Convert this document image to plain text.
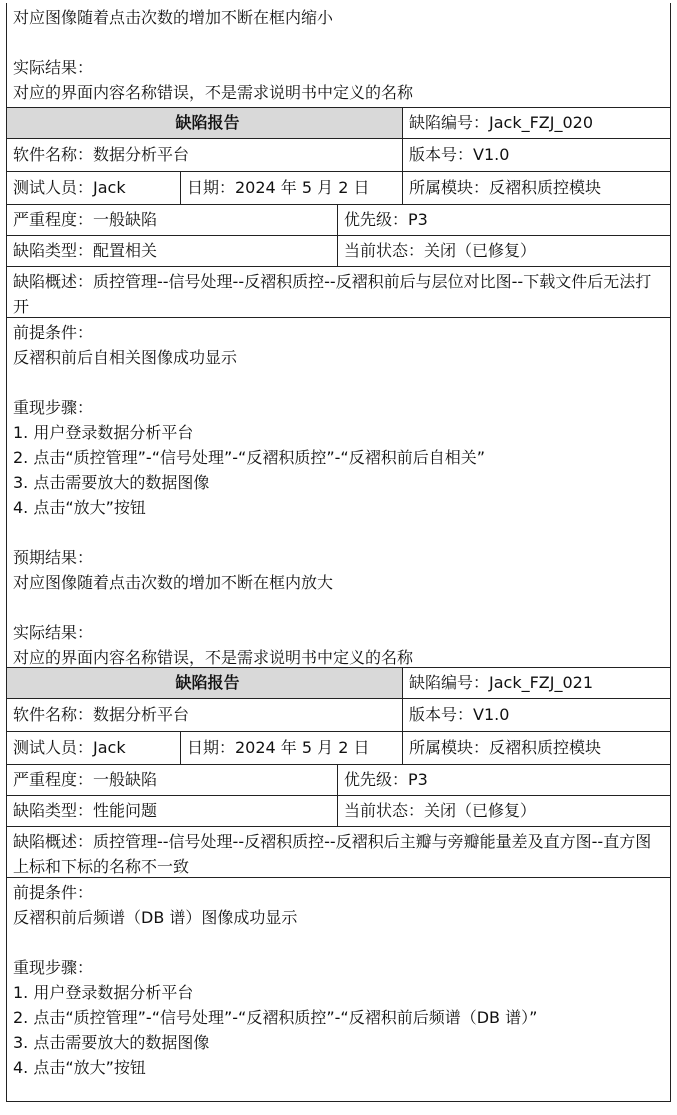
对应图像随着点击次数的增加不断在框内缩小

实际结果：

对应的界面内容名称错误，不是需求说明书中定义的名称

缺陷报告	缺陷编号：Jack_FZJ_020
软件名称：数据分析平台	版本号：V1.0
测试人员：Jack	日期：2024 年 5 月 2 日	所属模块：反褶积质控模块
严重程度：一般缺陷	优先级：P3
缺陷类型：配置相关	当前状态：关闭（已修复）
缺陷概述：质控管理--信号处理--反褶积质控--反褶积前后与层位对比图--下载文件后无法打开

前提条件：

反褶积前后自相关图像成功显示

重现步骤：

1. 用户登录数据分析平台

2. 点击“质控管理”-“信号处理”-“反褶积质控”-“反褶积前后自相关”

3. 点击需要放大的数据图像

4. 点击“放大”按钮

预期结果：

对应图像随着点击次数的增加不断在框内放大

实际结果：

对应的界面内容名称错误，不是需求说明书中定义的名称

缺陷报告	缺陷编号：Jack_FZJ_021
软件名称：数据分析平台	版本号：V1.0
测试人员：Jack	日期：2024 年 5 月 2 日	所属模块：反褶积质控模块
严重程度：一般缺陷	优先级：P3
缺陷类型：性能问题	当前状态：关闭（已修复）
缺陷概述：质控管理--信号处理--反褶积质控--反褶积后主瓣与旁瓣能量差及直方图--直方图上标和下标的名称不一致

前提条件：

反褶积前后频谱（DB 谱）图像成功显示

重现步骤：

1. 用户登录数据分析平台

2. 点击“质控管理”-“信号处理”-“反褶积质控”-“反褶积前后频谱（DB 谱）”

3. 点击需要放大的数据图像

4. 点击“放大”按钮
